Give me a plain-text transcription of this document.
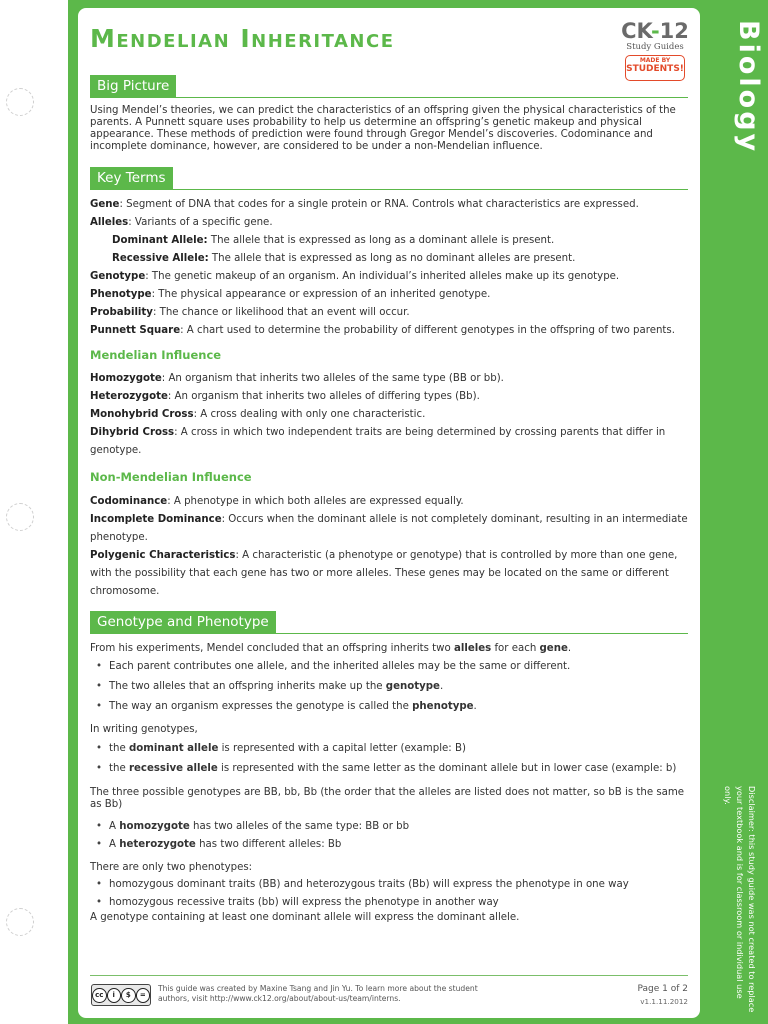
Biology
Disclaimer: this study guide was not created to replace your textbook and is for classroom or individual use only.
Mendelian Inheritance	CK-12
Study Guides
MADE BY
STUDENTS!
Big Picture

Using Mendel’s theories, we can predict the characteristics of an offspring given the physical characteristics of the parents. A Punnett square uses probability to help us determine an offspring’s genetic makeup and physical appearance. These methods of prediction were found through Gregor Mendel’s discoveries. Codominance and incomplete dominance, however, are considered to be under a non-Mendelian influence.

Key Terms
Gene: Segment of DNA that codes for a single protein or RNA. Controls what characteristics are expressed.
Alleles: Variants of a specific gene.
Dominant Allele: The allele that is expressed as long as a dominant allele is present.
Recessive Allele: The allele that is expressed as long as no dominant alleles are present.
Genotype: The genetic makeup of an organism. An individual’s inherited alleles make up its genotype.
Phenotype: The physical appearance or expression of an inherited genotype.
Probability: The chance or likelihood that an event will occur.
Punnett Square: A chart used to determine the probability of different genotypes in the offspring of two parents.
Mendelian Influence
Homozygote: An organism that inherits two alleles of the same type (BB or bb).
Heterozygote: An organism that inherits two alleles of differing types (Bb).
Monohybrid Cross: A cross dealing with only one characteristic.
Dihybrid Cross: A cross in which two independent traits are being determined by crossing parents that differ in genotype.
Non-Mendelian Influence
Codominance: A phenotype in which both alleles are expressed equally.
Incomplete Dominance: Occurs when the dominant allele is not completely dominant, resulting in an intermediate phenotype.
Polygenic Characteristics: A characteristic (a phenotype or genotype) that is controlled by more than one gene, with the possibility that each gene has two or more alleles. These genes may be located on the same or different chromosome.
Genotype and Phenotype
From his experiments, Mendel concluded that an offspring inherits two alleles for each gene.
• Each parent contributes one allele, and the inherited alleles may be the same or different.
• The two alleles that an offspring inherits make up the genotype.
• The way an organism expresses the genotype is called the phenotype.
In writing genotypes,
• the dominant allele is represented with a capital letter (example: B)
• the recessive allele is represented with the same letter as the dominant allele but in lower case (example: b)

The three possible genotypes are BB, bb, Bb (the order that the alleles are listed does not matter, so bB is the same as Bb)

• A homozygote has two alleles of the same type: BB or bb
• A heterozygote has two different alleles: Bb
There are only two phenotypes:
• homozygous dominant traits (BB) and heterozygous traits (Bb) will express the phenotype in one way
• homozygous recessive traits (bb) will express the phenotype in another way
A genotype containing at least one dominant allele will express the dominant allele.
cc	i	$	=
This guide was created by Maxine Tsang and Jin Yu. To learn more about the student authors, visit http://www.ck12.org/about/about-us/team/interns.
Page 1 of 2
v1.1.11.2012
